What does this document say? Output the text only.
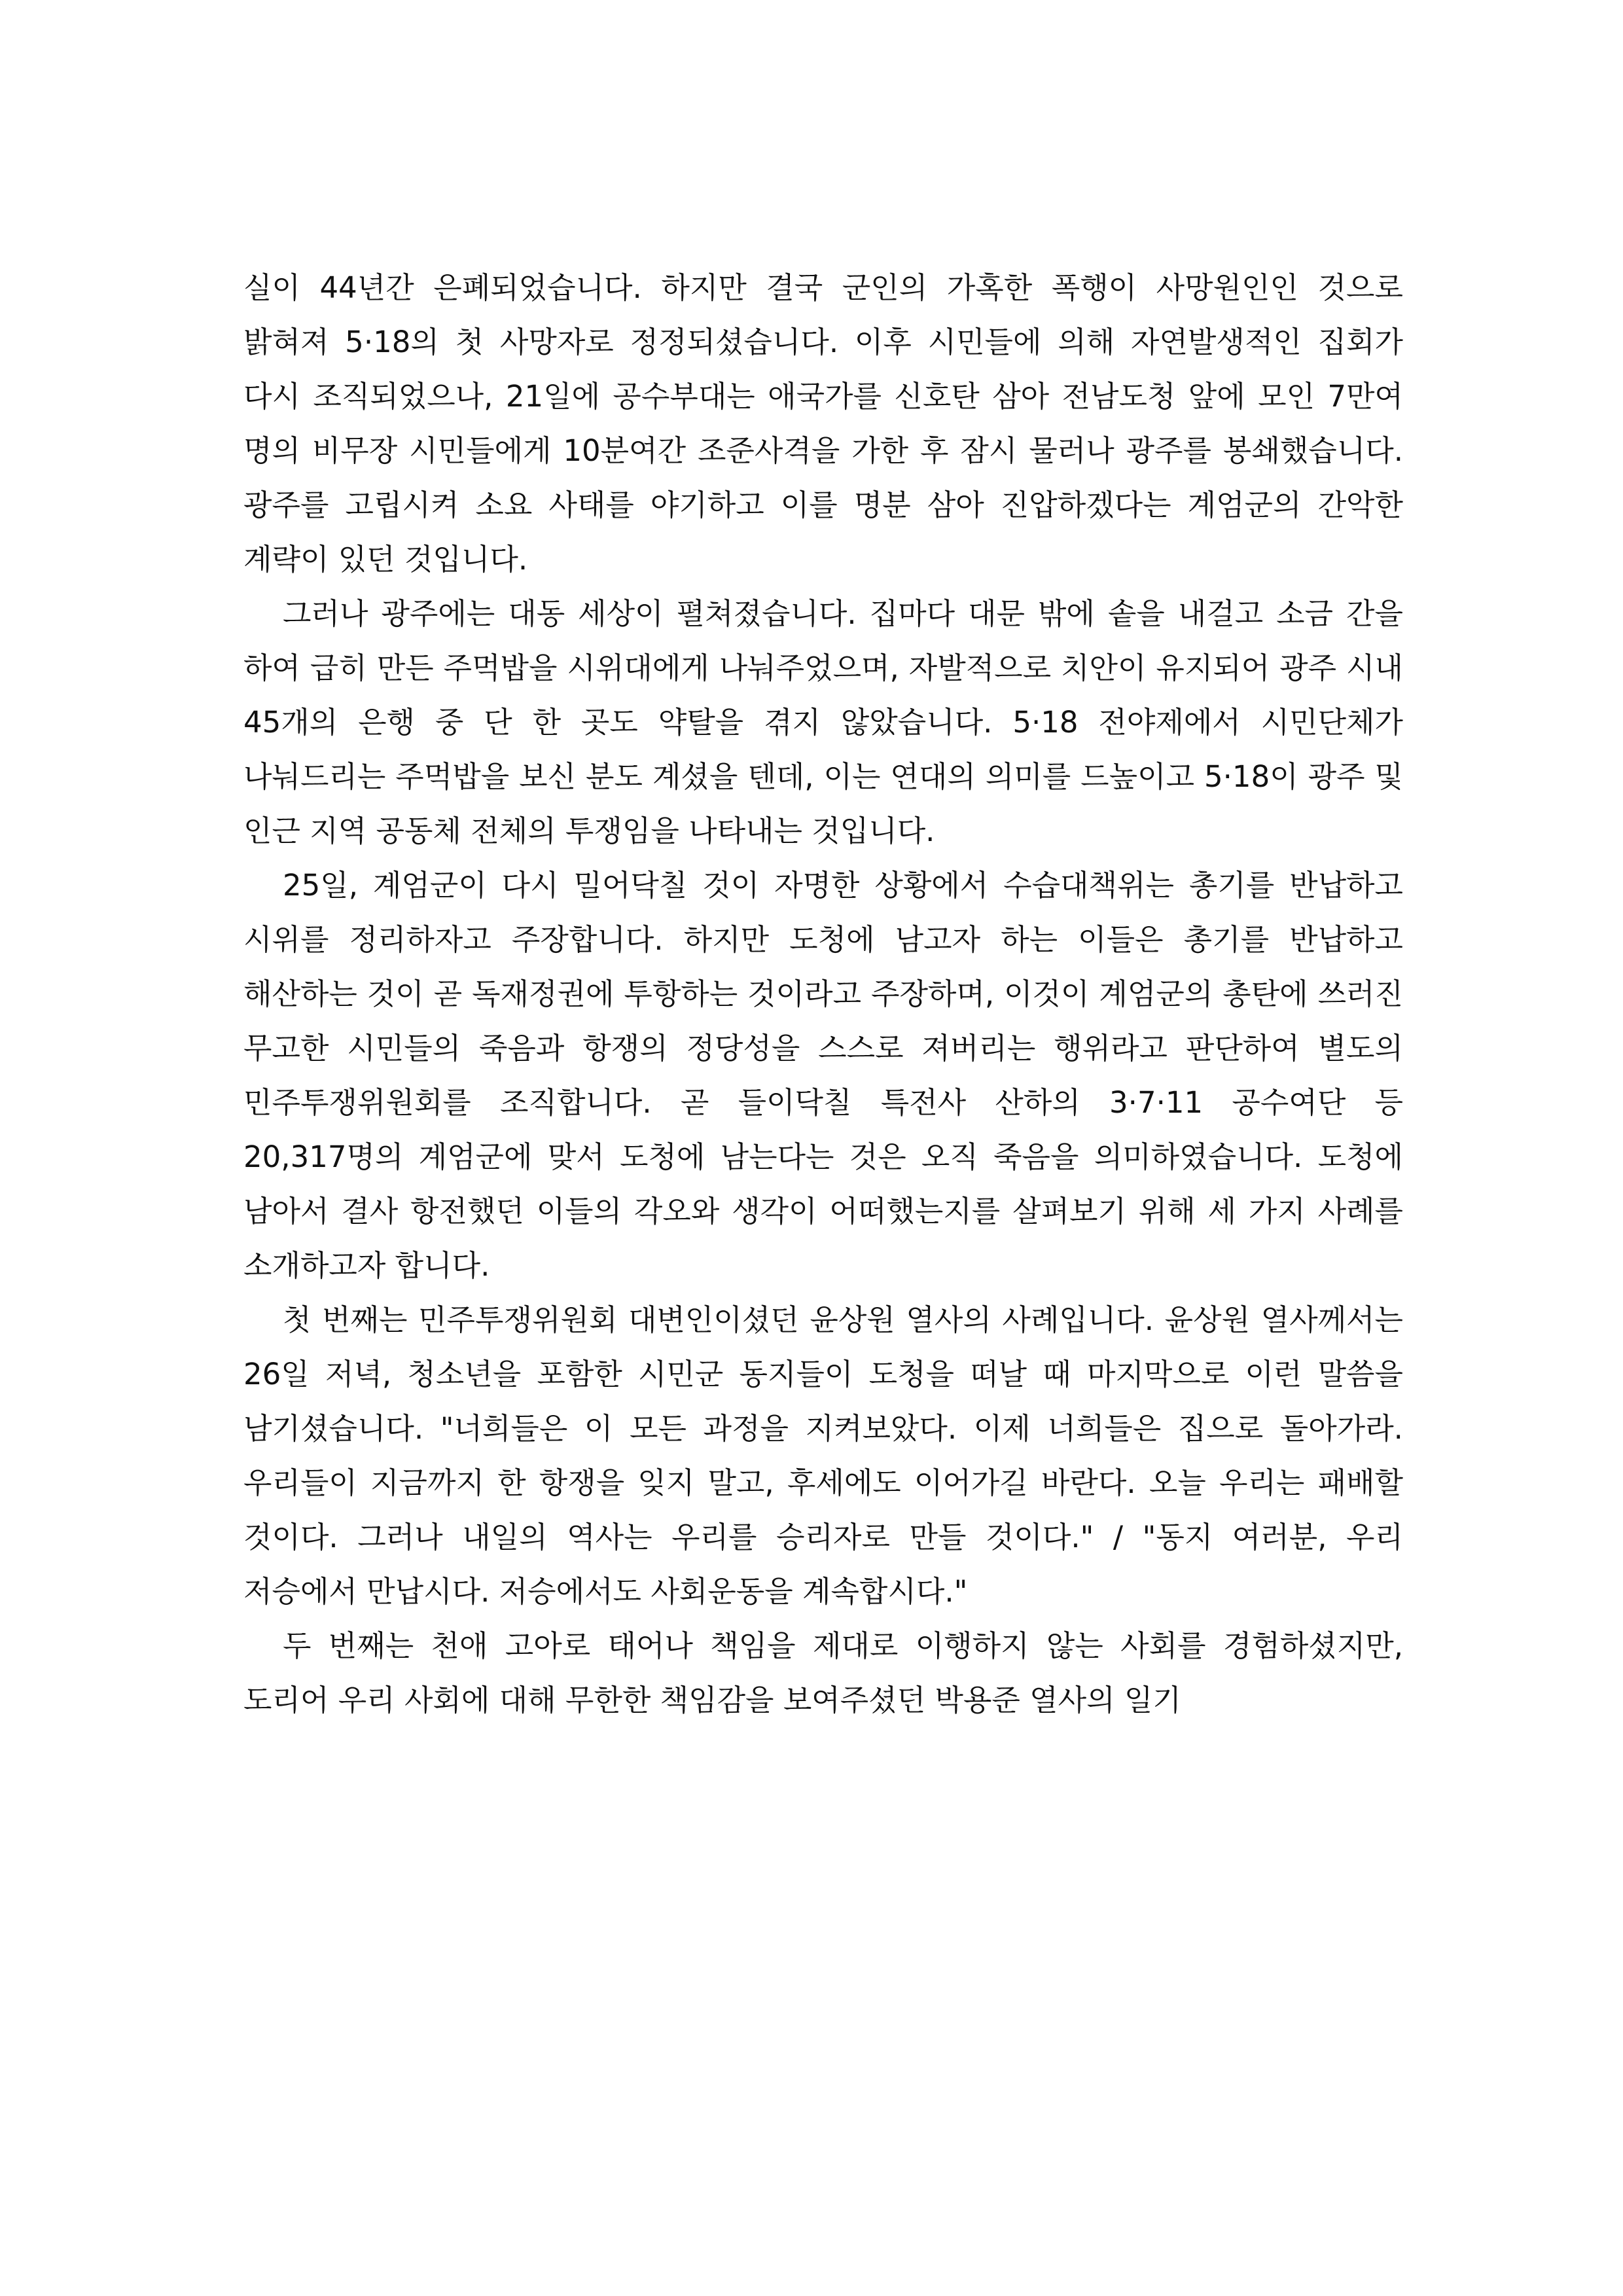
실이 44년간 은폐되었습니다. 하지만 결국 군인의 가혹한 폭행이 사망원인인 것으로 밝혀져 5·18의 첫 사망자로 정정되셨습니다. 이후 시민들에 의해 자연발생적인 집회가 다시 조직되었으나, 21일에 공수부대는 애국가를 신호탄 삼아 전남도청 앞에 모인 7만여 명의 비무장 시민들에게 10분여간 조준사격을 가한 후 잠시 물러나 광주를 봉쇄했습니다. 광주를 고립시켜 소요 사태를 야기하고 이를 명분 삼아 진압하겠다는 계엄군의 간악한 계략이 있던 것입니다.

그러나 광주에는 대동 세상이 펼쳐졌습니다. 집마다 대문 밖에 솥을 내걸고 소금 간을 하여 급히 만든 주먹밥을 시위대에게 나눠주었으며, 자발적으로 치안이 유지되어 광주 시내 45개의 은행 중 단 한 곳도 약탈을 겪지 않았습니다. 5·18 전야제에서 시민단체가 나눠드리는 주먹밥을 보신 분도 계셨을 텐데, 이는 연대의 의미를 드높이고 5·18이 광주 및 인근 지역 공동체 전체의 투쟁임을 나타내는 것입니다.

25일, 계엄군이 다시 밀어닥칠 것이 자명한 상황에서 수습대책위는 총기를 반납하고 시위를 정리하자고 주장합니다. 하지만 도청에 남고자 하는 이들은 총기를 반납하고 해산하는 것이 곧 독재정권에 투항하는 것이라고 주장하며, 이것이 계엄군의 총탄에 쓰러진 무고한 시민들의 죽음과 항쟁의 정당성을 스스로 져버리는 행위라고 판단하여 별도의 민주투쟁위원회를 조직합니다. 곧 들이닥칠 특전사 산하의 3·7·11 공수여단 등 20,317명의 계엄군에 맞서 도청에 남는다는 것은 오직 죽음을 의미하였습니다. 도청에 남아서 결사 항전했던 이들의 각오와 생각이 어떠했는지를 살펴보기 위해 세 가지 사례를 소개하고자 합니다.

첫 번째는 민주투쟁위원회 대변인이셨던 윤상원 열사의 사례입니다. 윤상원 열사께서는 26일 저녁, 청소년을 포함한 시민군 동지들이 도청을 떠날 때 마지막으로 이런 말씀을 남기셨습니다. "너희들은 이 모든 과정을 지켜보았다. 이제 너희들은 집으로 돌아가라. 우리들이 지금까지 한 항쟁을 잊지 말고, 후세에도 이어가길 바란다. 오늘 우리는 패배할 것이다. 그러나 내일의 역사는 우리를 승리자로 만들 것이다." / "동지 여러분, 우리 저승에서 만납시다. 저승에서도 사회운동을 계속합시다."

두 번째는 천애 고아로 태어나 책임을 제대로 이행하지 않는 사회를 경험하셨지만, 도리어 우리 사회에 대해 무한한 책임감을 보여주셨던 박용준 열사의 일기
